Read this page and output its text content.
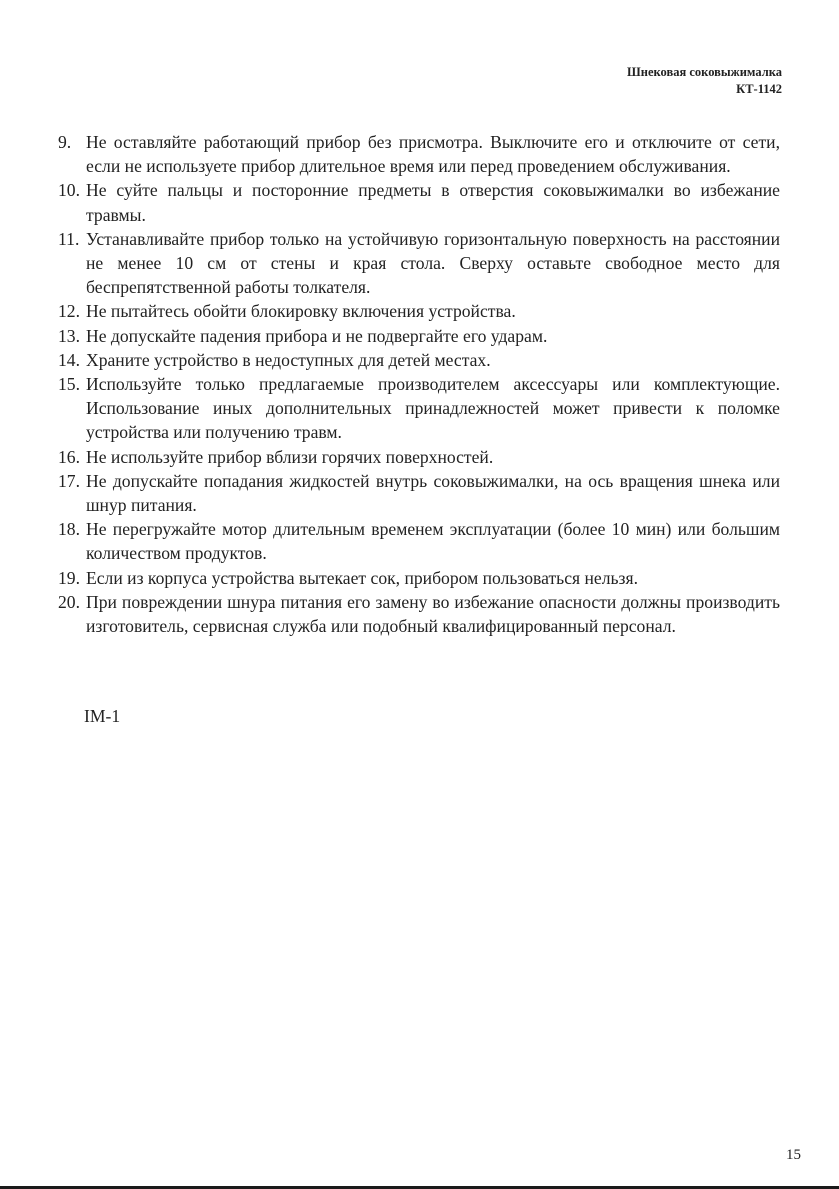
Шнековая соковыжималка
КТ-1142
9. Не оставляйте работающий прибор без присмотра. Выключите его и отключите от сети, если не используете прибор длительное время или перед проведением обслуживания.
10. Не суйте пальцы и посторонние предметы в отверстия соковыжималки во избежание травмы.
11. Устанавливайте прибор только на устойчивую горизонтальную поверхность на расстоянии не менее 10 см от стены и края стола. Сверху оставьте свободное место для беспрепятственной работы толкателя.
12. Не пытайтесь обойти блокировку включения устройства.
13. Не допускайте падения прибора и не подвергайте его ударам.
14. Храните устройство в недоступных для детей местах.
15. Используйте только предлагаемые производителем аксессуары или комплектующие. Использование иных дополнительных принадлежностей может привести к поломке устройства или получению травм.
16. Не используйте прибор вблизи горячих поверхностей.
17. Не допускайте попадания жидкостей внутрь соковыжималки, на ось вращения шнека или шнур питания.
18. Не перегружайте мотор длительным временем эксплуатации (более 10 мин) или большим количеством продуктов.
19. Если из корпуса устройства вытекает сок, прибором пользоваться нельзя.
20. При повреждении шнура питания его замену во избежание опасности должны производить изготовитель, сервисная служба или подобный квалифицированный персонал.
IM-1
15
